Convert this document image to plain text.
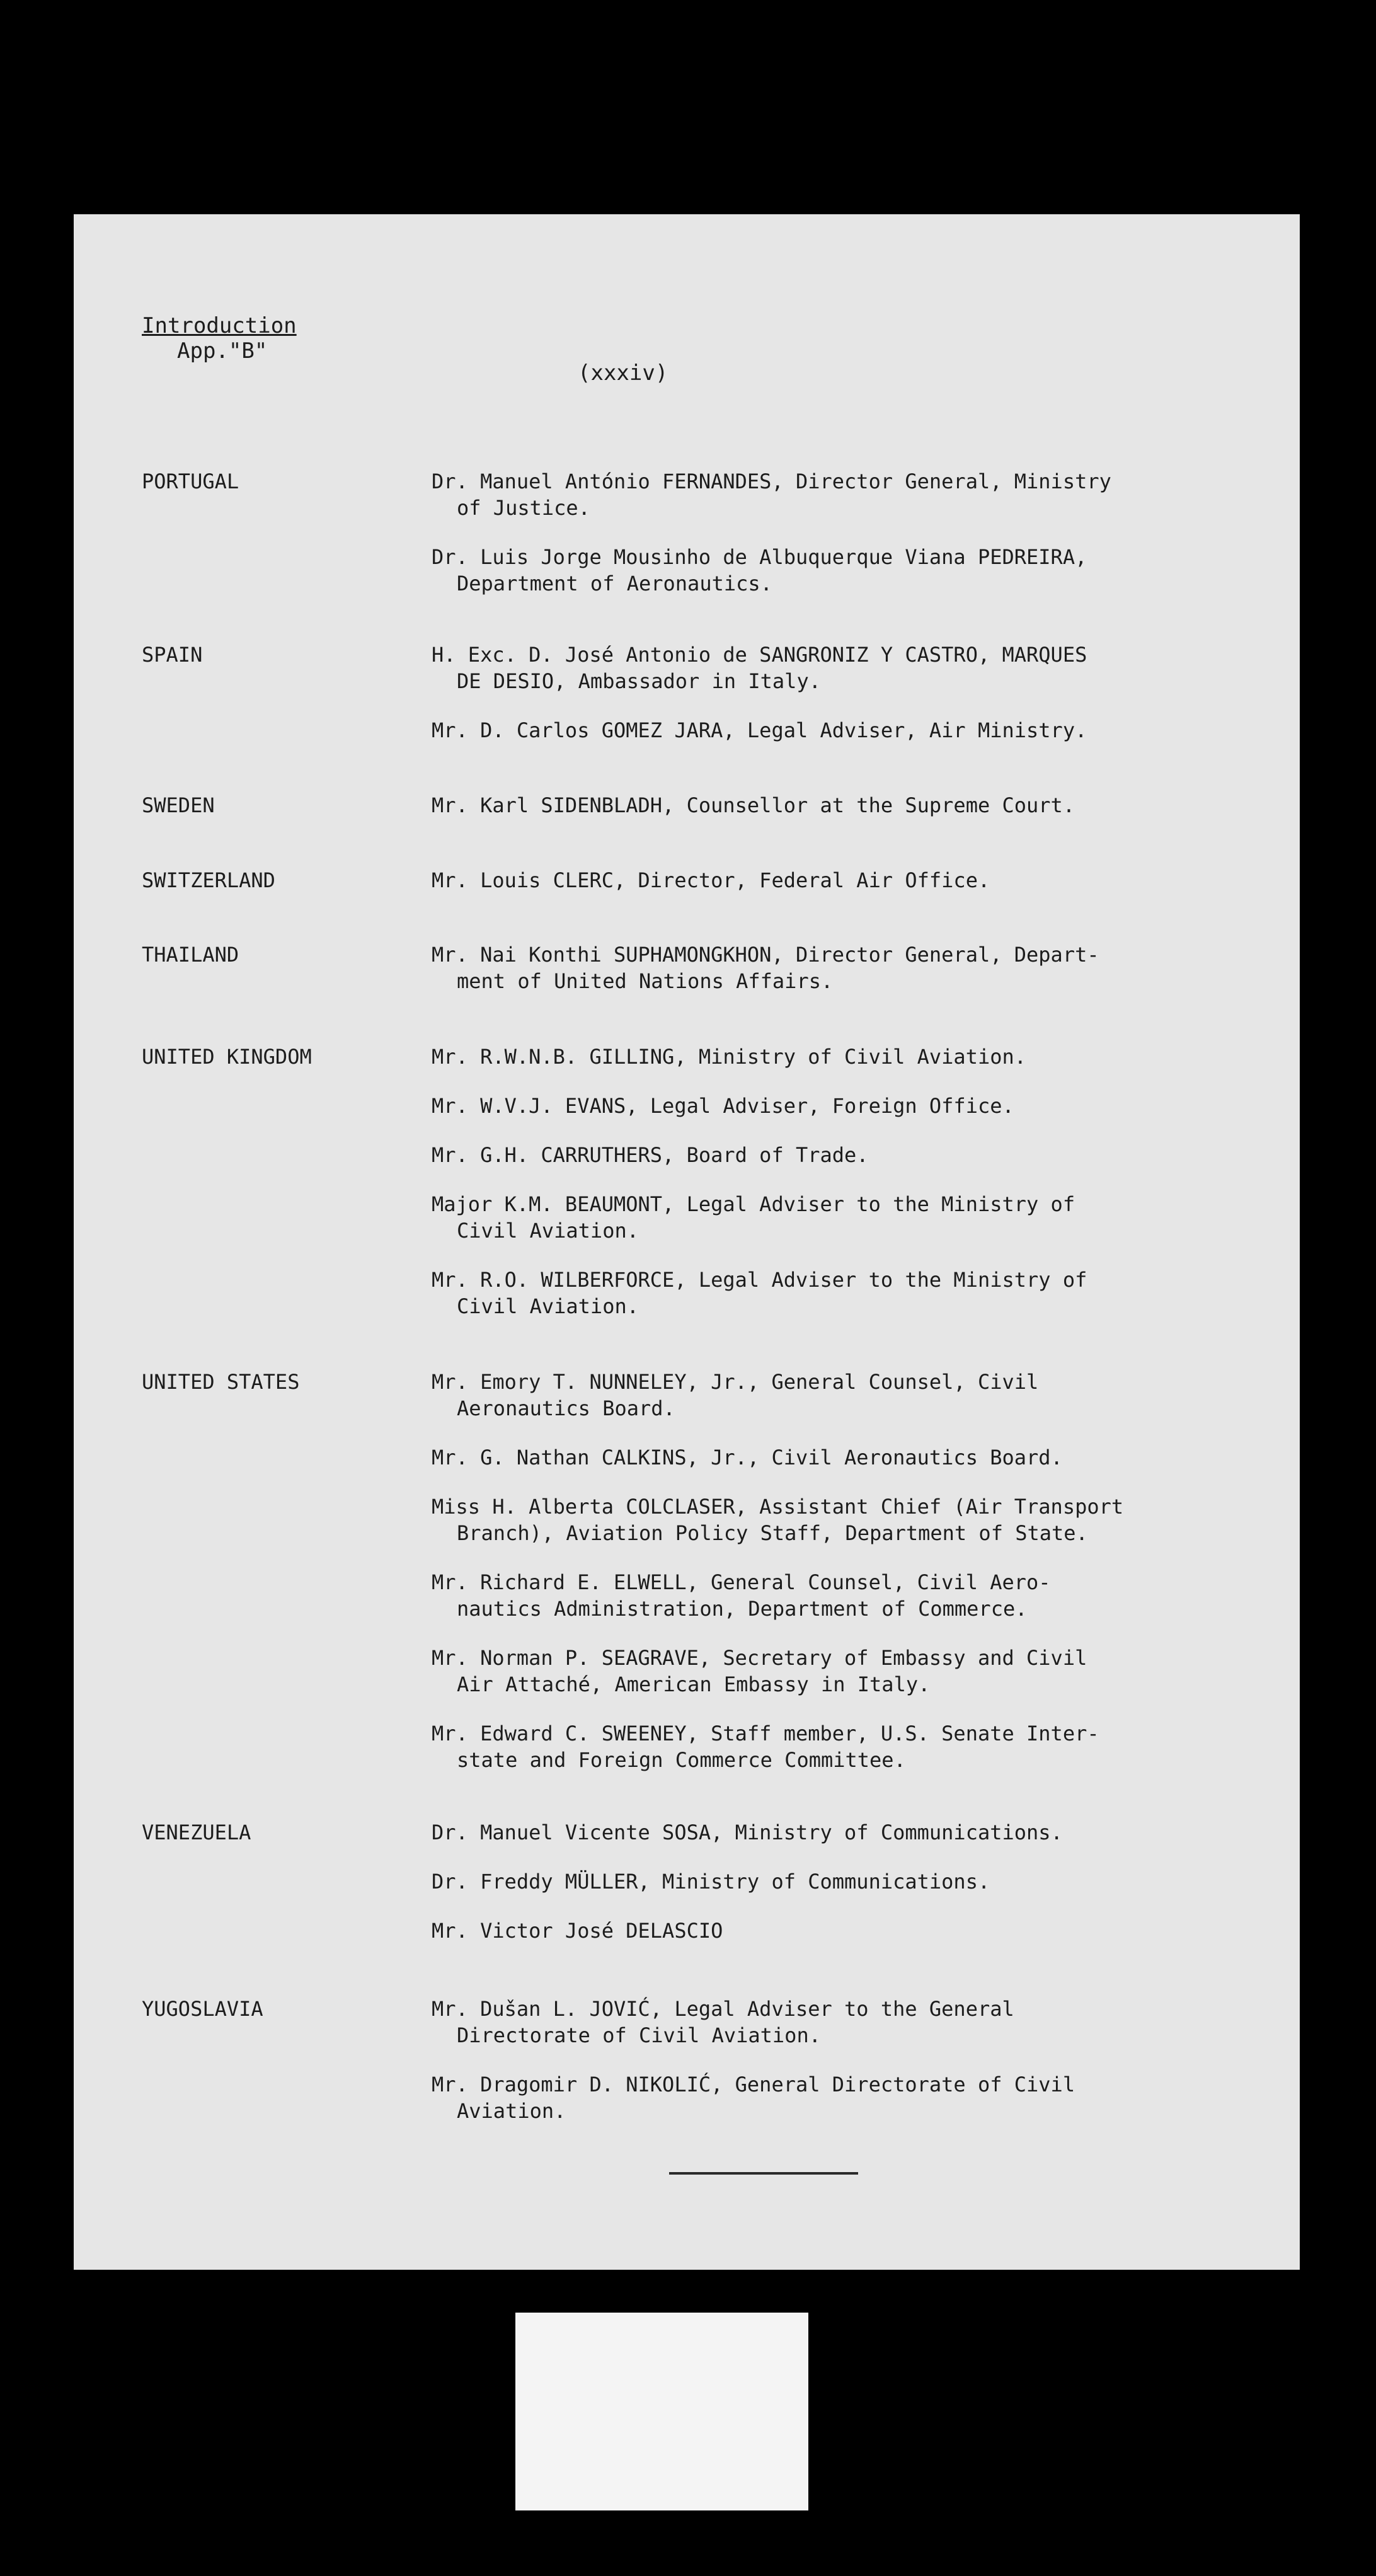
Introduction
App."B"
(xxxiv)
PORTUGAL	Dr. Manuel António FERNANDES, Director General, Ministry
of Justice.
Dr. Luis Jorge Mousinho de Albuquerque Viana PEDREIRA,
Department of Aeronautics.
SPAIN	H. Exc. D. José Antonio de SANGRONIZ Y CASTRO, MARQUES
DE DESIO, Ambassador in Italy.
Mr. D. Carlos GOMEZ JARA, Legal Adviser, Air Ministry.
SWEDEN	Mr. Karl SIDENBLADH, Counsellor at the Supreme Court.
SWITZERLAND	Mr. Louis CLERC, Director, Federal Air Office.
THAILAND	Mr. Nai Konthi SUPHAMONGKHON, Director General, Depart-
ment of United Nations Affairs.
UNITED KINGDOM	Mr. R.W.N.B. GILLING, Ministry of Civil Aviation.
Mr. W.V.J. EVANS, Legal Adviser, Foreign Office.
Mr. G.H. CARRUTHERS, Board of Trade.
Major K.M. BEAUMONT, Legal Adviser to the Ministry of
Civil Aviation.
Mr. R.O. WILBERFORCE, Legal Adviser to the Ministry of
Civil Aviation.
UNITED STATES	Mr. Emory T. NUNNELEY, Jr., General Counsel, Civil
Aeronautics Board.
Mr. G. Nathan CALKINS, Jr., Civil Aeronautics Board.
Miss H. Alberta COLCLASER, Assistant Chief (Air Transport
Branch), Aviation Policy Staff, Department of State.
Mr. Richard E. ELWELL, General Counsel, Civil Aero-
nautics Administration, Department of Commerce.
Mr. Norman P. SEAGRAVE, Secretary of Embassy and Civil
Air Attaché, American Embassy in Italy.
Mr. Edward C. SWEENEY, Staff member, U.S. Senate Inter-
state and Foreign Commerce Committee.
VENEZUELA	Dr. Manuel Vicente SOSA, Ministry of Communications.
Dr. Freddy MÜLLER, Ministry of Communications.
Mr. Victor José DELASCIO
YUGOSLAVIA	Mr. Dušan L. JOVIĆ, Legal Adviser to the General
Directorate of Civil Aviation.
Mr. Dragomir D. NIKOLIĆ, General Directorate of Civil
Aviation.
